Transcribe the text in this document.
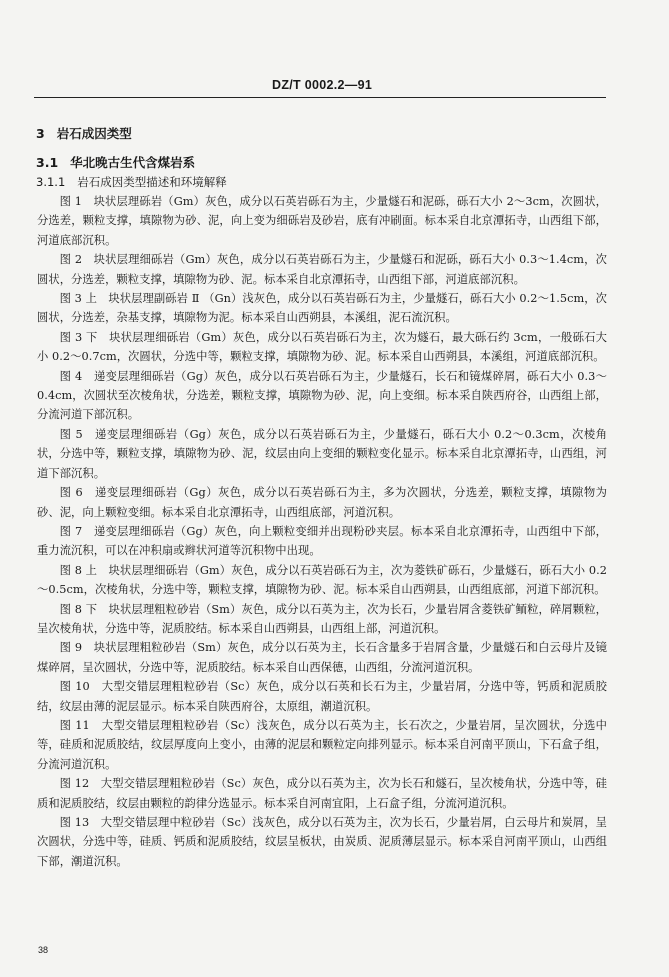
DZ/T 0002.2—91
3 岩石成因类型
3.1 华北晚古生代含煤岩系
3.1.1 岩石成因类型描述和环境解释

图 1　块状层理砾岩（Gm）灰色，成分以石英岩砾石为主，少量燧石和泥砾，砾石大小 2～3cm，次圆状，分选差，颗粒支撑，填隙物为砂、泥，向上变为细砾岩及砂岩，底有冲刷面。标本采自北京潭拓寺，山西组下部，河道底部沉积。

图 2　块状层理细砾岩（Gm）灰色，成分以石英岩砾石为主，少量燧石和泥砾，砾石大小 0.3～1.4cm，次圆状，分选差，颗粒支撑，填隙物为砂、泥。标本采自北京潭拓寺，山西组下部，河道底部沉积。

图 3 上　块状层理副砾岩 Ⅱ （Gn）浅灰色，成分以石英岩砾石为主，少量燧石，砾石大小 0.2～1.5cm，次圆状，分选差，杂基支撑，填隙物为泥。标本采自山西朔县，本溪组，泥石流沉积。

图 3 下　块状层理细砾岩（Gm）灰色，成分以石英岩砾石为主，次为燧石，最大砾石约 3cm，一般砾石大小 0.2～0.7cm，次圆状，分选中等，颗粒支撑，填隙物为砂、泥。标本采自山西朔县，本溪组，河道底部沉积。

图 4　递变层理细砾岩（Gg）灰色，成分以石英岩砾石为主，少量燧石，长石和镜煤碎屑，砾石大小 0.3～0.4cm，次圆状至次棱角状，分选差，颗粒支撑，填隙物为砂、泥，向上变细。标本采自陕西府谷，山西组上部，分流河道下部沉积。

图 5　递变层理细砾岩（Gg）灰色，成分以石英岩砾石为主，少量燧石，砾石大小 0.2～0.3cm，次棱角状，分选中等，颗粒支撑，填隙物为砂、泥，纹层由向上变细的颗粒变化显示。标本采自北京潭拓寺，山西组，河道下部沉积。

图 6　递变层理细砾岩（Gg）灰色，成分以石英岩砾石为主，多为次圆状，分选差，颗粒支撑，填隙物为砂、泥，向上颗粒变细。标本采自北京潭拓寺，山西组底部，河道沉积。

图 7　递变层理细砾岩（Gg）灰色，向上颗粒变细并出现粉砂夹层。标本采自北京潭拓寺，山西组中下部，重力流沉积，可以在冲积扇或辫状河道等沉积物中出现。

图 8 上　块状层理细砾岩（Gm）灰色，成分以石英岩砾石为主，次为菱铁矿砾石，少量燧石，砾石大小 0.2～0.5cm，次棱角状，分选中等，颗粒支撑，填隙物为砂、泥。标本采自山西朔县，山西组底部，河道下部沉积。

图 8 下　块状层理粗粒砂岩（Sm）灰色，成分以石英为主，次为长石，少量岩屑含菱铁矿鲕粒，碎屑颗粒，呈次棱角状，分选中等，泥质胶结。标本采自山西朔县，山西组上部，河道沉积。

图 9　块状层理粗粒砂岩（Sm）灰色，成分以石英为主，长石含量多于岩屑含量，少量燧石和白云母片及镜煤碎屑，呈次圆状，分选中等，泥质胶结。标本采自山西保德，山西组，分流河道沉积。

图 10　大型交错层理粗粒砂岩（Sc）灰色，成分以石英和长石为主，少量岩屑，分选中等，钙质和泥质胶结，纹层由薄的泥层显示。标本采自陕西府谷，太原组，潮道沉积。

图 11　大型交错层理粗粒砂岩（Sc）浅灰色，成分以石英为主，长石次之，少量岩屑，呈次圆状，分选中等，硅质和泥质胶结，纹层厚度向上变小，由薄的泥层和颗粒定向排列显示。标本采自河南平顶山，下石盒子组，分流河道沉积。

图 12　大型交错层理粗粒砂岩（Sc）灰色，成分以石英为主，次为长石和燧石，呈次棱角状，分选中等，硅质和泥质胶结，纹层由颗粒的韵律分选显示。标本采自河南宜阳，上石盒子组，分流河道沉积。

图 13　大型交错层理中粒砂岩（Sc）浅灰色，成分以石英为主，次为长石，少量岩屑，白云母片和炭屑，呈次圆状，分选中等，硅质、钙质和泥质胶结，纹层呈板状，由炭质、泥质薄层显示。标本采自河南平顶山，山西组下部，潮道沉积。

38
